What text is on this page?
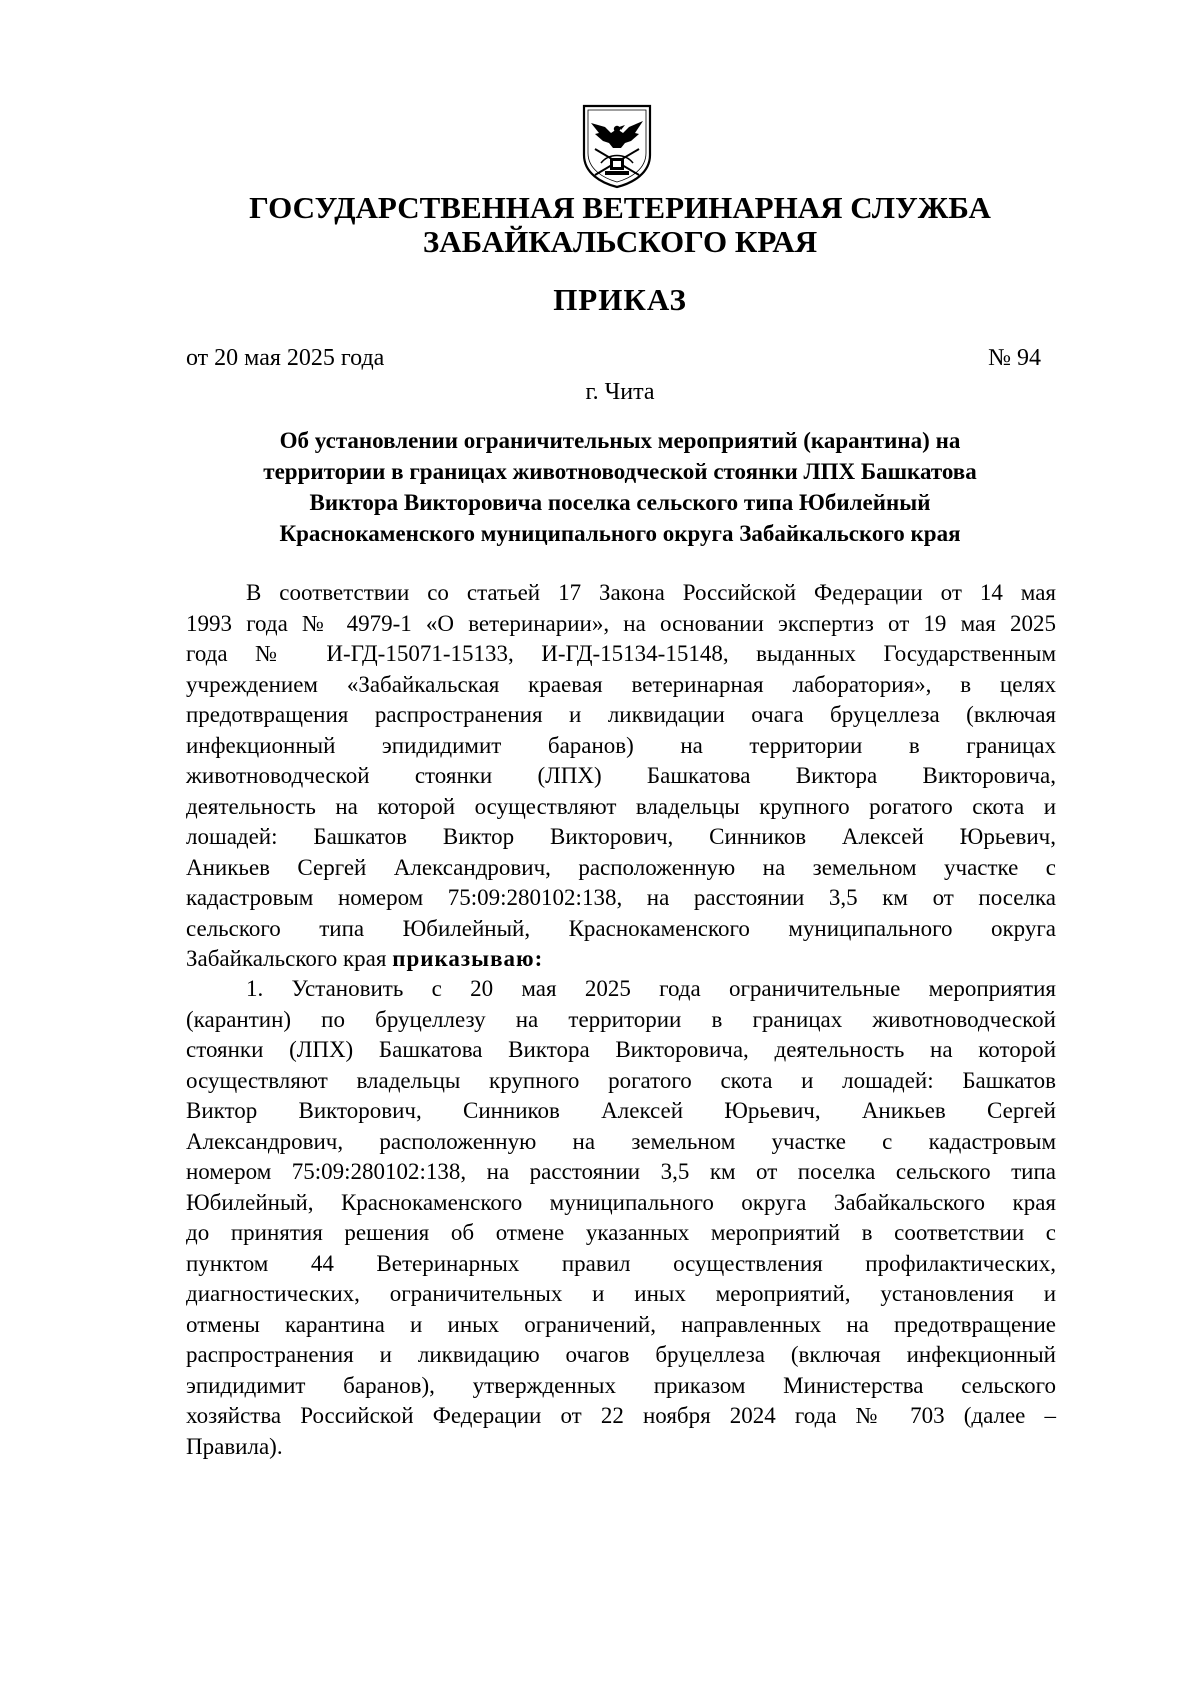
ГОСУДАРСТВЕННАЯ ВЕТЕРИНАРНАЯ СЛУЖБА
ЗАБАЙКАЛЬСКОГО КРАЯ
ПРИКАЗ
от 20 мая 2025 года	№ 94
г. Чита
Об установлении ограничительных мероприятий (карантина) на
территории в границах животноводческой стоянки ЛПХ Башкатова
Виктора Викторовича поселка сельского типа Юбилейный
Краснокаменского муниципального округа Забайкальского края
В соответствии со статьей 17 Закона Российской Федерации от 14 мая
1993 года № 4979-1 «О ветеринарии», на основании экспертиз от 19 мая 2025
года № И-ГД-15071-15133, И-ГД-15134-15148, выданных Государственным
учреждением «Забайкальская краевая ветеринарная лаборатория», в целях
предотвращения распространения и ликвидации очага бруцеллеза (включая
инфекционный эпидидимит баранов) на территории в границах
животноводческой стоянки (ЛПХ) Башкатова Виктора Викторовича,
деятельность на которой осуществляют владельцы крупного рогатого скота и
лошадей: Башкатов Виктор Викторович, Синников Алексей Юрьевич,
Аникьев Сергей Александрович, расположенную на земельном участке с
кадастровым номером 75:09:280102:138, на расстоянии 3,5 км от поселка
сельского типа Юбилейный, Краснокаменского муниципального округа
Забайкальского края приказываю:
1. Установить с 20 мая 2025 года ограничительные мероприятия
(карантин) по бруцеллезу на территории в границах животноводческой
стоянки (ЛПХ) Башкатова Виктора Викторовича, деятельность на которой
осуществляют владельцы крупного рогатого скота и лошадей: Башкатов
Виктор Викторович, Синников Алексей Юрьевич, Аникьев Сергей
Александрович, расположенную на земельном участке с кадастровым
номером 75:09:280102:138, на расстоянии 3,5 км от поселка сельского типа
Юбилейный, Краснокаменского муниципального округа Забайкальского края
до принятия решения об отмене указанных мероприятий в соответствии с
пунктом 44 Ветеринарных правил осуществления профилактических,
диагностических, ограничительных и иных мероприятий, установления и
отмены карантина и иных ограничений, направленных на предотвращение
распространения и ликвидацию очагов бруцеллеза (включая инфекционный
эпидидимит баранов), утвержденных приказом Министерства сельского
хозяйства Российской Федерации от 22 ноября 2024 года № 703 (далее –
Правила).
